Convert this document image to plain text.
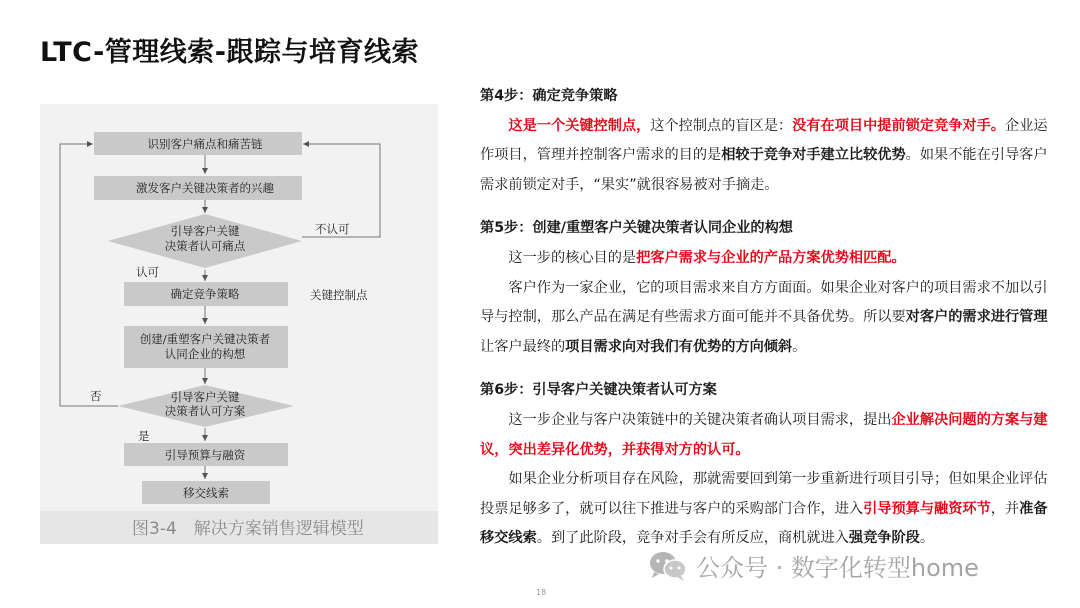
LTC-管理线索-跟踪与培育线索
识别客户痛点和痛苦链
激发客户关键决策者的兴趣
引导客户关键
决策者认可痛点
确定竞争策略
创建/重塑客户关键决策者
认同企业的构想
引导客户关键
决策者认可方案
引导预算与融资
移交线索
不认可
认可
关键控制点
否
是
图3-4　解决方案销售逻辑模型
第4步：确定竞争策略

这是一个关键控制点，这个控制点的盲区是：没有在项目中提前锁定竞争对手。企业运作项目，管理并控制客户需求的目的是相较于竞争对手建立比较优势。如果不能在引导客户需求前锁定对手，“果实”就很容易被对手摘走。

第5步：创建/重塑客户关键决策者认同企业的构想

这一步的核心目的是把客户需求与企业的产品方案优势相匹配。

客户作为一家企业，它的项目需求来自方方面面。如果企业对客户的项目需求不加以引导与控制，那么产品在满足有些需求方面可能并不具备优势。所以要对客户的需求进行管理让客户最终的项目需求向对我们有优势的方向倾斜。

第6步：引导客户关键决策者认可方案

这一步企业与客户决策链中的关键决策者确认项目需求，提出企业解决问题的方案与建议，突出差异化优势，并获得对方的认可。

如果企业分析项目存在风险，那就需要回到第一步重新进行项目引导；但如果企业评估投票足够多了，就可以往下推进与客户的采购部门合作，进入引导预算与融资环节，并准备移交线索。到了此阶段，竞争对手会有所反应，商机就进入强竞争阶段。

公众号 · 数字化转型home
18
